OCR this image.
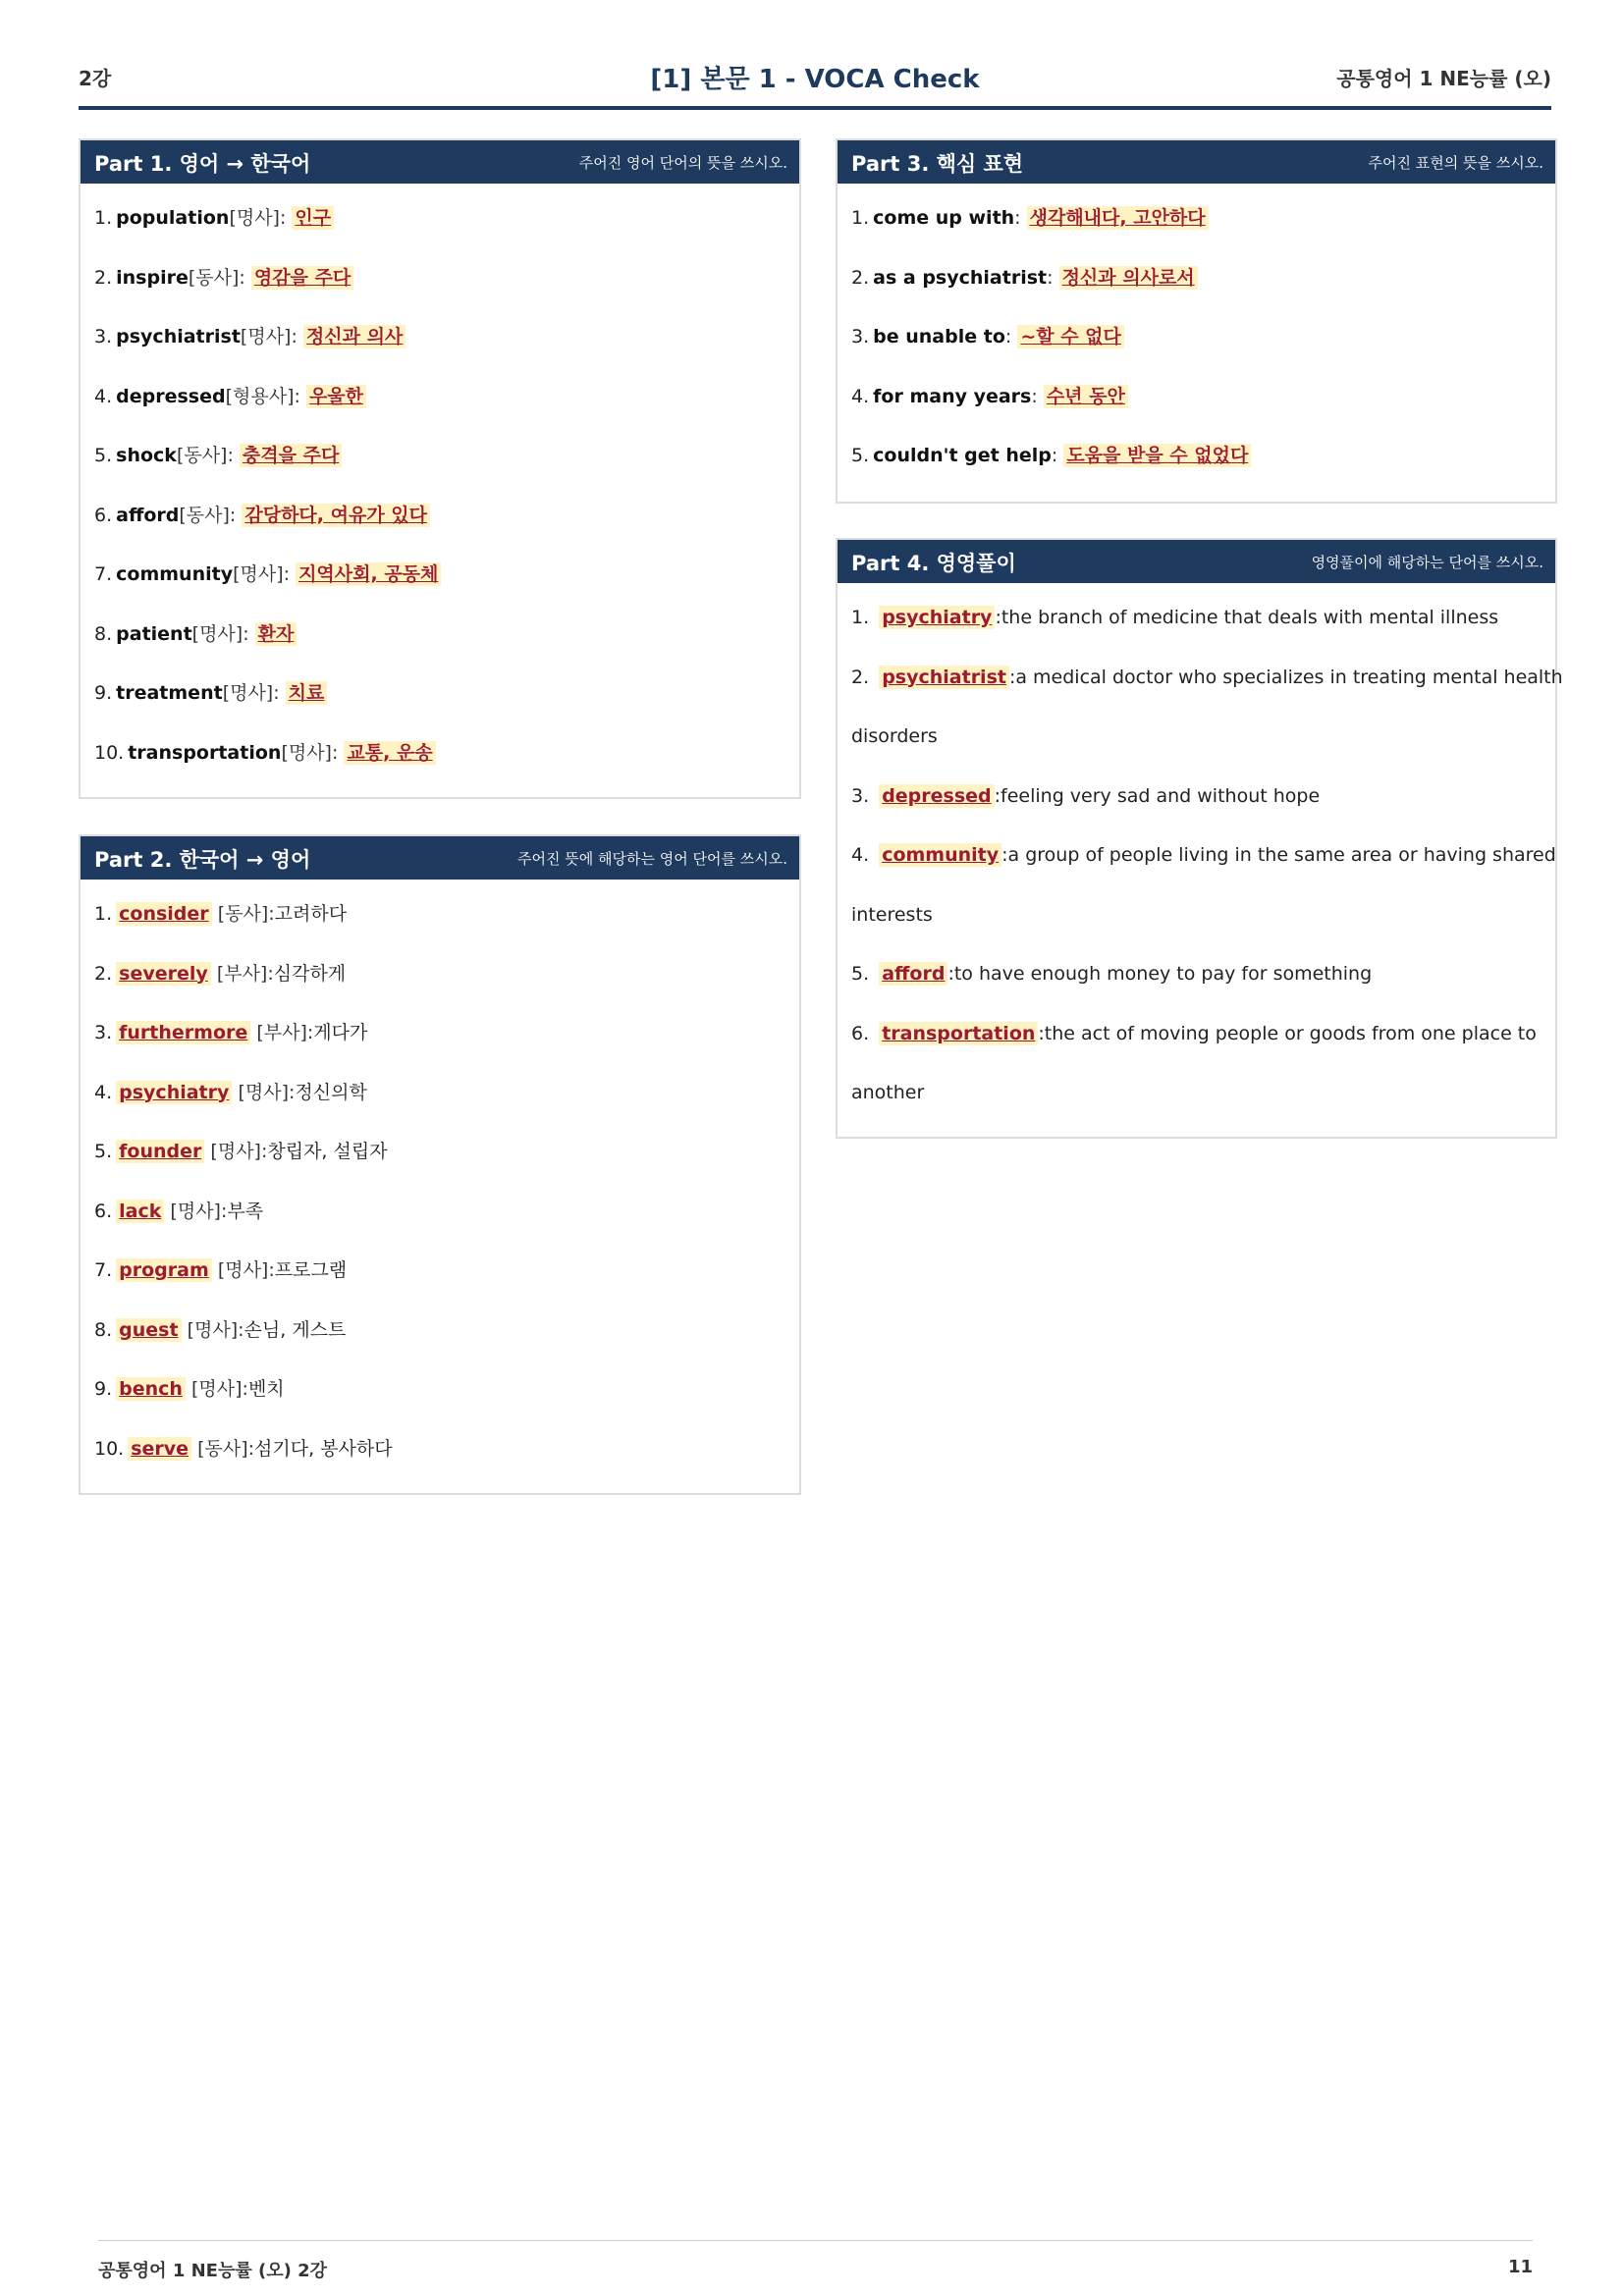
2강	[1] 본문 1 - VOCA Check	공통영어 1 NE능률 (오)
Part 1. 영어 → 한국어	주어진 영어 단어의 뜻을 쓰시오.
1. population[명사]: 인구
2. inspire[동사]: 영감을 주다
3. psychiatrist[명사]: 정신과 의사
4. depressed[형용사]: 우울한
5. shock[동사]: 충격을 주다
6. afford[동사]: 감당하다, 여유가 있다
7. community[명사]: 지역사회, 공동체
8. patient[명사]: 환자
9. treatment[명사]: 치료
10. transportation[명사]: 교통, 운송
Part 2. 한국어 → 영어	주어진 뜻에 해당하는 영어 단어를 쓰시오.
1. consider [동사]:고려하다
2. severely [부사]:심각하게
3. furthermore [부사]:게다가
4. psychiatry [명사]:정신의학
5. founder [명사]:창립자, 설립자
6. lack [명사]:부족
7. program [명사]:프로그램
8. guest [명사]:손님, 게스트
9. bench [명사]:벤치
10. serve [동사]:섬기다, 봉사하다
Part 3. 핵심 표현	주어진 표현의 뜻을 쓰시오.
1. come up with: 생각해내다, 고안하다
2. as a psychiatrist: 정신과 의사로서
3. be unable to: ~할 수 없다
4. for many years: 수년 동안
5. couldn't get help: 도움을 받을 수 없었다
Part 4. 영영풀이	영영풀이에 해당하는 단어를 쓰시오.
1. psychiatry :the branch of medicine that deals with mental illness
2. psychiatrist :a medical doctor who specializes in treating mental health
disorders
3. depressed :feeling very sad and without hope
4. community :a group of people living in the same area or having shared
interests
5. afford :to have enough money to pay for something
6. transportation :the act of moving people or goods from one place to
another
공통영어 1 NE능률 (오) 2강	11
